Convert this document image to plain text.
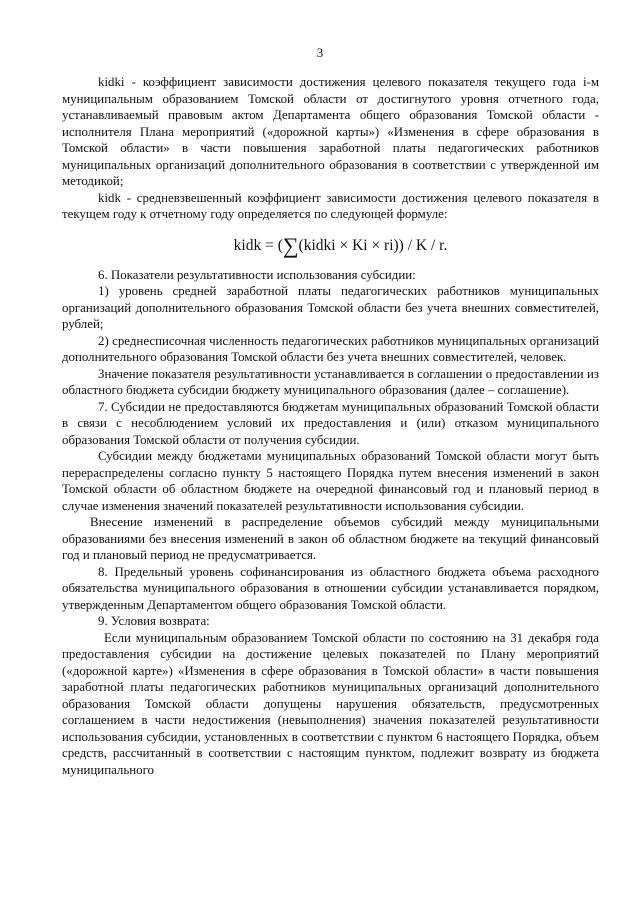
3

kidki - коэффициент зависимости достижения целевого показателя текущего года i-м муниципальным образованием Томской области от достигнутого уровня отчетного года, устанавливаемый правовым актом Департамента общего образования Томской области - исполнителя Плана мероприятий («дорожной карты») «Изменения в сфере образования в Томской области» в части повышения заработной платы педагогических работников муниципальных организаций дополнительного образования в соответствии с утвержденной им методикой;

kidk - средневзвешенный коэффициент зависимости достижения целевого показателя в текущем году к отчетному году определяется по следующей формуле:

kidk = (∑(kidki × Ki × ri)) / K / r.

6. Показатели результативности использования субсидии:

1) уровень средней заработной платы педагогических работников муниципальных организаций дополнительного образования Томской области без учета внешних совместителей, рублей;

2) среднесписочная численность педагогических работников муниципальных организаций дополнительного образования Томской области без учета внешних совместителей, человек.

Значение показателя результативности устанавливается в соглашении о предоставлении из областного бюджета субсидии бюджету муниципального образования (далее – соглашение).

7. Субсидии не предоставляются бюджетам муниципальных образований Томской области в связи с несоблюдением условий их предоставления и (или) отказом муниципального образования Томской области от получения субсидии.

Субсидии между бюджетами муниципальных образований Томской области могут быть перераспределены согласно пункту 5 настоящего Порядка путем внесения изменений в закон Томской области об областном бюджете на очередной финансовый год и плановый период в случае изменения значений показателей результативности использования субсидии.

Внесение изменений в распределение объемов субсидий между муниципальными образованиями без внесения изменений в закон об областном бюджете на текущий финансовый год и плановый период не предусматривается.

8. Предельный уровень софинансирования из областного бюджета объема расходного обязательства муниципального образования в отношении субсидии устанавливается порядком, утвержденным Департаментом общего образования Томской области.

9. Условия возврата:

Если муниципальным образованием Томской области по состоянию на 31 декабря года предоставления субсидии на достижение целевых показателей по Плану мероприятий («дорожной карте») «Изменения в сфере образования в Томской области» в части повышения заработной платы педагогических работников муниципальных организаций дополнительного образования Томской области допущены нарушения обязательств, предусмотренных соглашением в части недостижения (невыполнения) значения показателей результативности использования субсидии, установленных в соответствии с пунктом 6 настоящего Порядка, объем средств, рассчитанный в соответствии с настоящим пунктом, подлежит возврату из бюджета муниципального
